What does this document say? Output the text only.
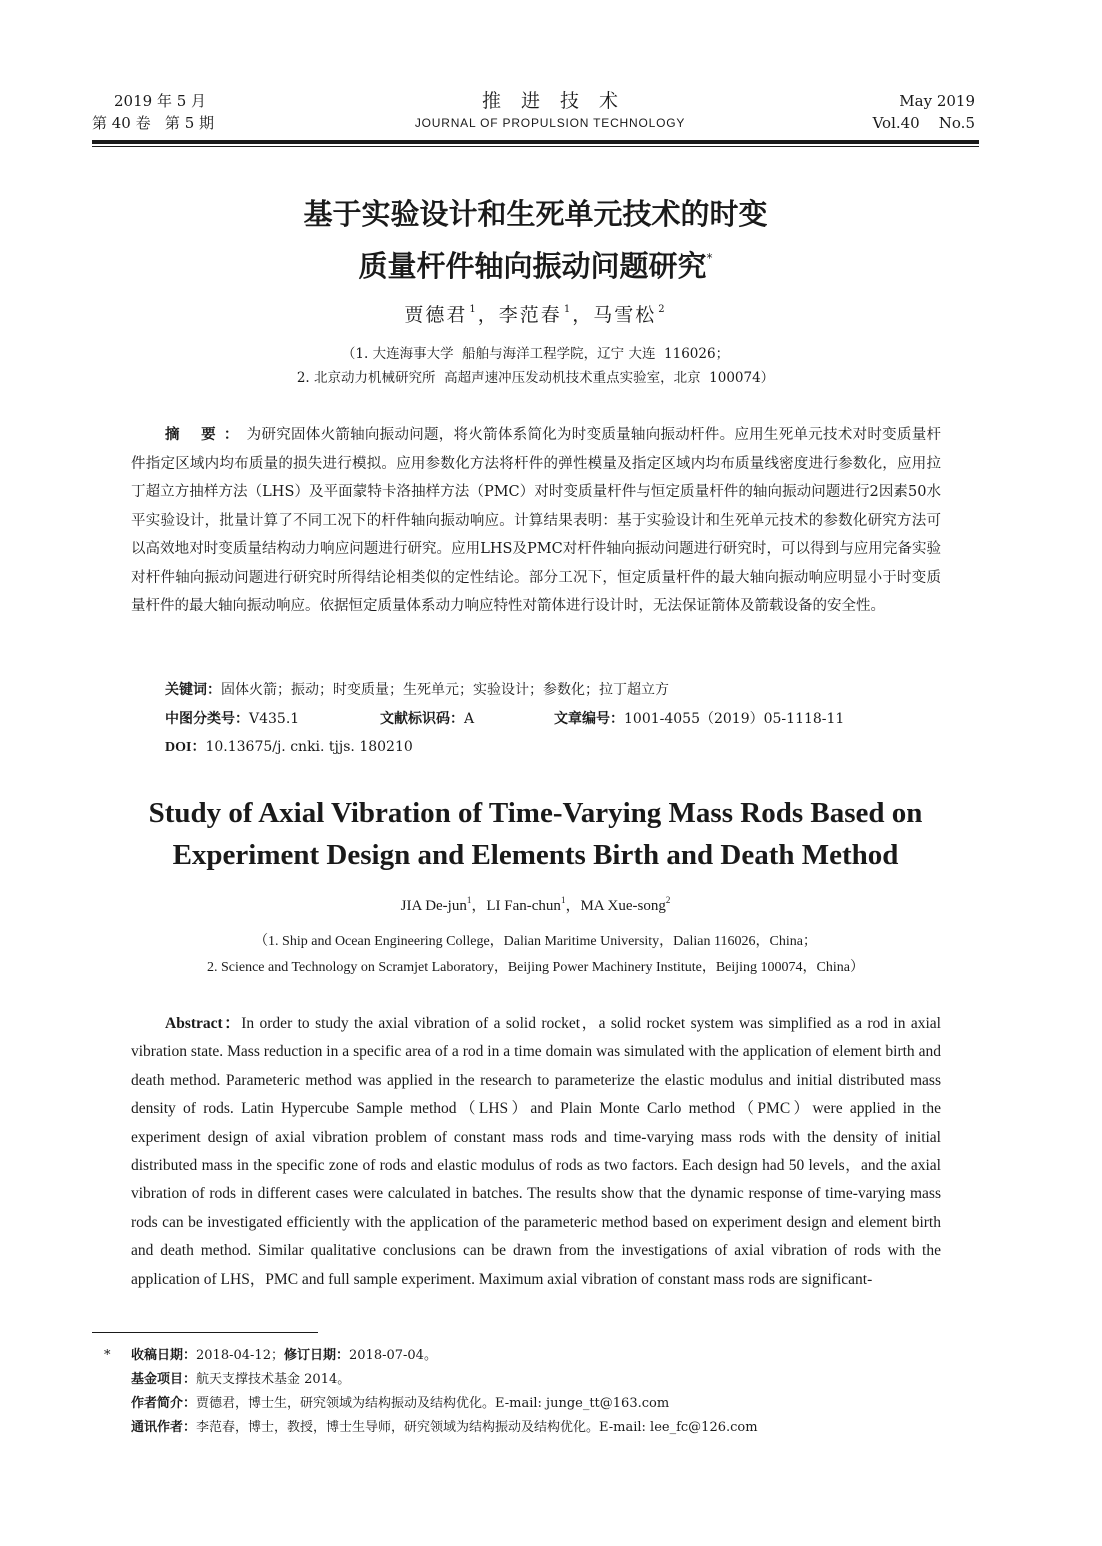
2019 年 5 月
第 40 卷   第 5 期
推进技术
JOURNAL OF PROPULSION TECHNOLOGY
May 2019
Vol.40    No.5
基于实验设计和生死单元技术的时变
质量杆件轴向振动问题研究*
贾德君 $^1$，李范春 $^1$，马雪松 $^2$
（1. 大连海事大学  船舶与海洋工程学院，辽宁 大连  116026；
2. 北京动力机械研究所  高超声速冲压发动机技术重点实验室，北京  100074）
摘 要：为研究固体火箭轴向振动问题，将火箭体系简化为时变质量轴向振动杆件。应用生死单元技术对时变质量杆件指定区域内均布质量的损失进行模拟。应用参数化方法将杆件的弹性模量及指定区域内均布质量线密度进行参数化，应用拉丁超立方抽样方法（LHS）及平面蒙特卡洛抽样方法（PMC）对时变质量杆件与恒定质量杆件的轴向振动问题进行2因素50水平实验设计，批量计算了不同工况下的杆件轴向振动响应。计算结果表明：基于实验设计和生死单元技术的参数化研究方法可以高效地对时变质量结构动力响应问题进行研究。应用LHS及PMC对杆件轴向振动问题进行研究时，可以得到与应用完备实验对杆件轴向振动问题进行研究时所得结论相类似的定性结论。部分工况下，恒定质量杆件的最大轴向振动响应明显小于时变质量杆件的最大轴向振动响应。依据恒定质量体系动力响应特性对箭体进行设计时，无法保证箭体及箭载设备的安全性。
关键词：固体火箭；振动；时变质量；生死单元；实验设计；参数化；拉丁超立方
中图分类号：V435.1	文献标识码：A	文章编号：1001-4055（2019）05-1118-11
DOI：10.13675/j. cnki. tjjs. 180210
Study of Axial Vibration of Time-Varying Mass Rods Based on
Experiment Design and Elements Birth and Death Method
JIA De-jun$^1$，LI Fan-chun$^1$，MA Xue-song$^2$
（1. Ship and Ocean Engineering College，Dalian Maritime University，Dalian 116026，China；
2. Science and Technology on Scramjet Laboratory，Beijing Power Machinery Institute，Beijing 100074，China）
Abstract：In order to study the axial vibration of a solid rocket，a solid rocket system was simplified as a rod in axial vibration state. Mass reduction in a specific area of a rod in a time domain was simulated with the application of element birth and death method. Parameteric method was applied in the research to parameterize the elastic modulus and initial distributed mass density of rods. Latin Hypercube Sample method（LHS）and Plain Monte Carlo method（PMC）were applied in the experiment design of axial vibration problem of constant mass rods and time-varying mass rods with the density of initial distributed mass in the specific zone of rods and elastic modulus of rods as two factors. Each design had 50 levels，and the axial vibration of rods in different cases were calculated in batches. The results show that the dynamic response of time-varying mass rods can be investigated efficiently with the application of the parameteric method based on experiment design and element birth and death method. Similar qualitative conclusions can be drawn from the investigations of axial vibration of rods with the application of LHS，PMC and full sample experiment. Maximum axial vibration of constant mass rods are significant-
* 收稿日期：2018-04-12；修订日期：2018-07-04。
基金项目：航天支撑技术基金 2014。
作者简介：贾德君，博士生，研究领域为结构振动及结构优化。E-mail: junge_tt@163.com
通讯作者：李范春，博士，教授，博士生导师，研究领域为结构振动及结构优化。E-mail: lee_fc@126.com
